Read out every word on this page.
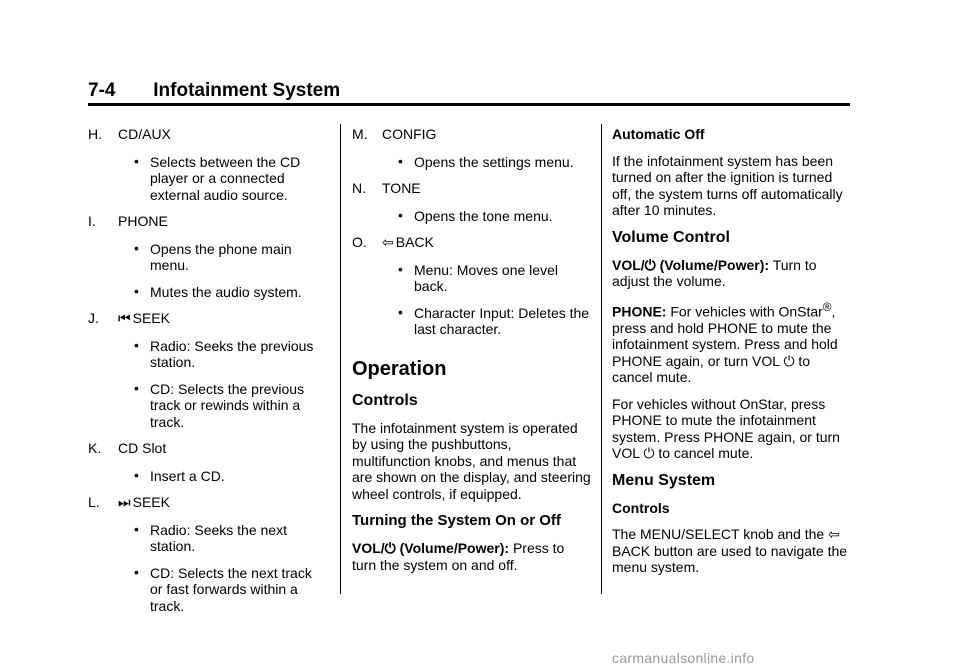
7-4 Infotainment System
H. CD/AUX
• Selects between the CD player or a connected external audio source.
I. PHONE
• Opens the phone main menu.
• Mutes the audio system.
J. ⏮ SEEK
• Radio: Seeks the previous station.
• CD: Selects the previous track or rewinds within a track.
K. CD Slot
• Insert a CD.
L. ⏭ SEEK
• Radio: Seeks the next station.
• CD: Selects the next track or fast forwards within a track.
M. CONFIG
• Opens the settings menu.
N. TONE
• Opens the tone menu.
O. ⇦ BACK
• Menu: Moves one level back.
• Character Input: Deletes the last character.
Operation
Controls

The infotainment system is operated by using the pushbuttons, multifunction knobs, and menus that are shown on the display, and steering wheel controls, if equipped.

Turning the System On or Off

VOL/⏻ (Volume/Power): Press to turn the system on and off.

Automatic Off

If the infotainment system has been turned on after the ignition is turned off, the system turns off automatically after 10 minutes.

Volume Control

VOL/⏻ (Volume/Power): Turn to adjust the volume.

PHONE: For vehicles with OnStar®, press and hold PHONE to mute the infotainment system. Press and hold PHONE again, or turn VOL ⏻ to cancel mute.

For vehicles without OnStar, press PHONE to mute the infotainment system. Press PHONE again, or turn VOL ⏻ to cancel mute.

Menu System

Controls

The MENU/SELECT knob and the ⇦ BACK button are used to navigate the menu system.

carmanualsonline.info
